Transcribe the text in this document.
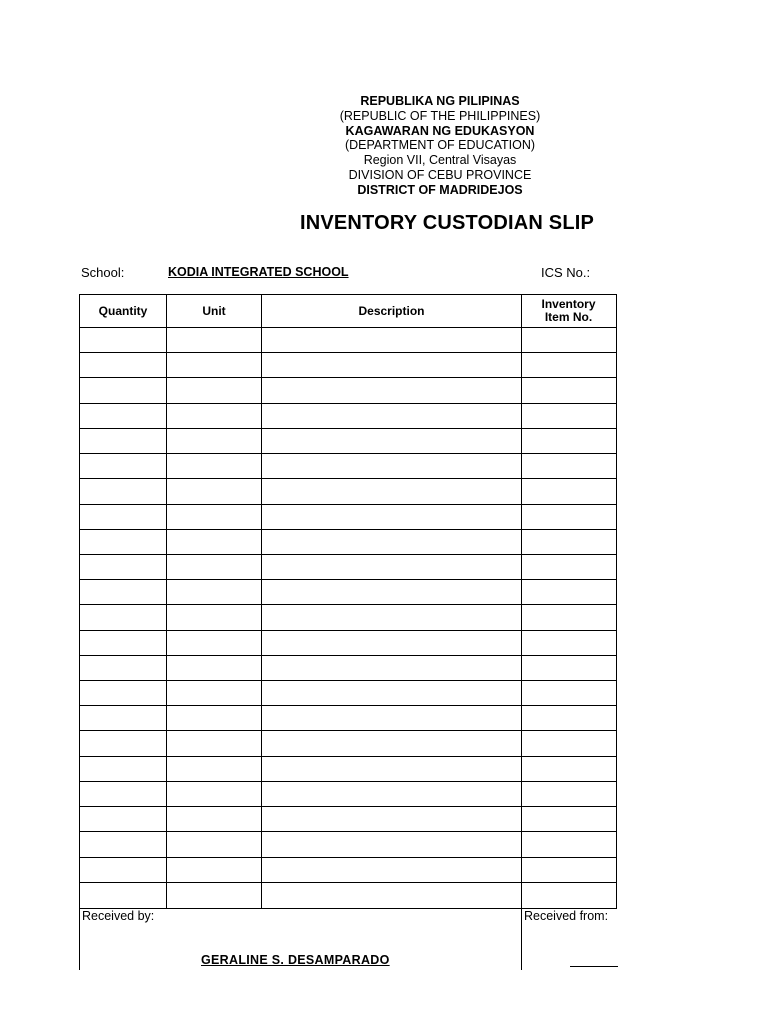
REPUBLIKA NG PILIPINAS
(REPUBLIC OF THE PHILIPPINES)
KAGAWARAN NG EDUKASYON
(DEPARTMENT OF EDUCATION)
Region VII, Central Visayas
DIVISION OF CEBU PROVINCE
DISTRICT OF MADRIDEJOS
INVENTORY CUSTODIAN SLIP
School:	KODIA INTEGRATED SCHOOL	ICS No.:
Quantity	Unit	Description	Inventory Item No.
Received by:	Received from:
GERALINE S. DESAMPARADO
